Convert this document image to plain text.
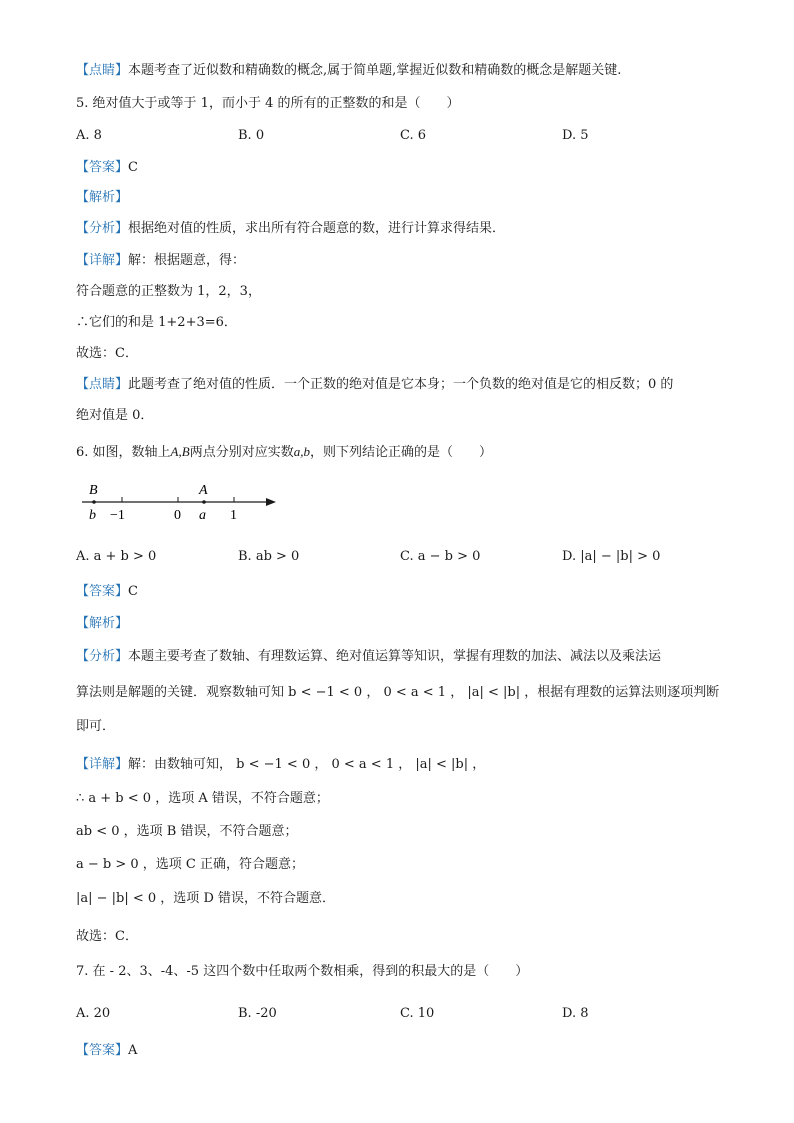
【点睛】本题考查了近似数和精确数的概念,属于简单题,掌握近似数和精确数的概念是解题关键.
5. 绝对值大于或等于 1，而小于 4 的所有的正整数的和是（　　）
A. 8	B. 0	C. 6	D. 5
【答案】C
【解析】
【分析】根据绝对值的性质，求出所有符合题意的数，进行计算求得结果．
【详解】解：根据题意，得：
符合题意的正整数为 1，2，3，
∴它们的和是 1+2+3=6．
故选：C．
【点睛】此题考查了绝对值的性质．一个正数的绝对值是它本身；一个负数的绝对值是它的相反数；0 的
绝对值是 0．
6. 如图，数轴上A,B两点分别对应实数a,b，则下列结论正确的是（　　）
B
b −1	0
A
a 1
A. a + b > 0	B. ab > 0	C. a − b > 0	D. |a| − |b| > 0
【答案】C
【解析】
【分析】本题主要考查了数轴、有理数运算、绝对值运算等知识，掌握有理数的加法、减法以及乘法运
算法则是解题的关键．观察数轴可知 b < −1 < 0 ， 0 < a < 1 ， |a| < |b| ，根据有理数的运算法则逐项判断
即可．
【详解】解：由数轴可知， b < −1 < 0 ， 0 < a < 1 ， |a| < |b| ，
∴ a + b < 0 ，选项 A 错误，不符合题意；
ab < 0 ，选项 B 错误，不符合题意；
a − b > 0 ，选项 C 正确，符合题意；
|a| − |b| < 0 ，选项 D 错误，不符合题意．
故选：C．
7. 在 - 2、3、-4、-5 这四个数中任取两个数相乘，得到的积最大的是（　　）
A. 20	B. -20	C. 10	D. 8
【答案】A
